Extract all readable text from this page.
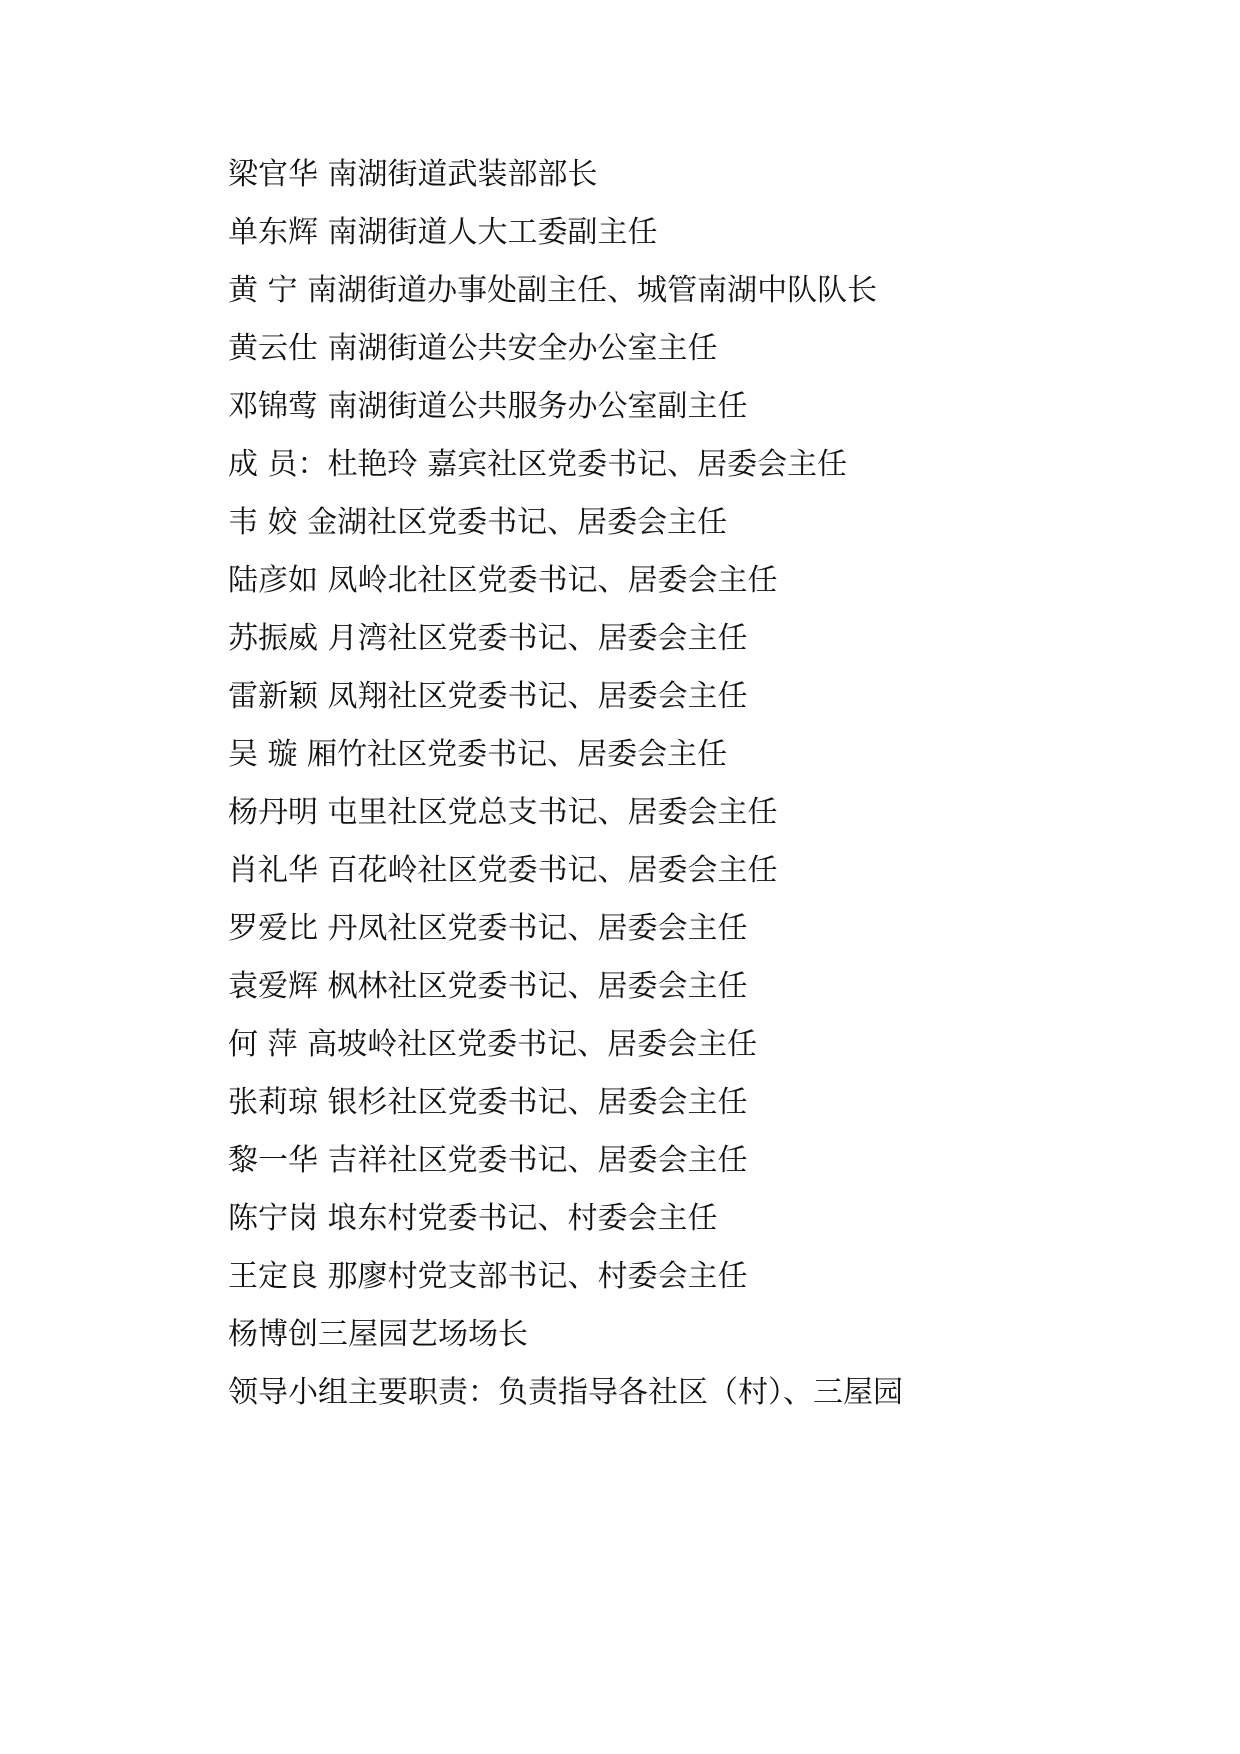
梁官华 南湖街道武装部部长
单东辉 南湖街道人大工委副主任
黄 宁 南湖街道办事处副主任、城管南湖中队队长
黄云仕 南湖街道公共安全办公室主任
邓锦莺 南湖街道公共服务办公室副主任
成 员：杜艳玲 嘉宾社区党委书记、居委会主任
韦 姣 金湖社区党委书记、居委会主任
陆彦如 凤岭北社区党委书记、居委会主任
苏振威 月湾社区党委书记、居委会主任
雷新颖 凤翔社区党委书记、居委会主任
吴 璇 厢竹社区党委书记、居委会主任
杨丹明 屯里社区党总支书记、居委会主任
肖礼华 百花岭社区党委书记、居委会主任
罗爱比 丹凤社区党委书记、居委会主任
袁爱辉 枫林社区党委书记、居委会主任
何 萍 高坡岭社区党委书记、居委会主任
张莉琼 银杉社区党委书记、居委会主任
黎一华 吉祥社区党委书记、居委会主任
陈宁岗 埌东村党委书记、村委会主任
王定良 那廖村党支部书记、村委会主任
杨博创三屋园艺场场长
领导小组主要职责：负责指导各社区（村）、三屋园
